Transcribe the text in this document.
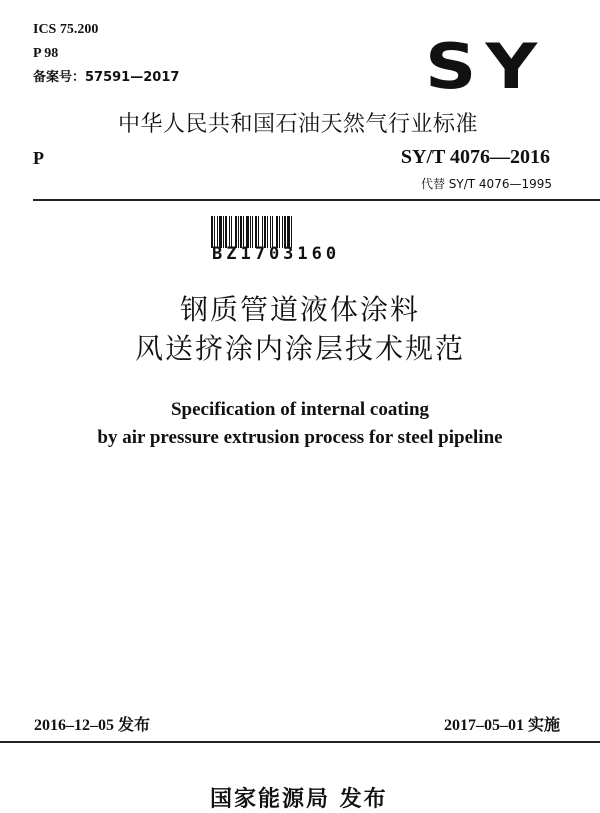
ICS 75.200
P 98
备案号：57591—2017	SY
中华人民共和国石油天然气行业标准
P	SY/T 4076—2016
代替 SY/T 4076—1995
BZ1703160
钢质管道液体涂料
风送挤涂内涂层技术规范
Specification of internal coating
by air pressure extrusion process for steel pipeline
2016–12–05 发布	2017–05–01 实施
国家能源局 发布
